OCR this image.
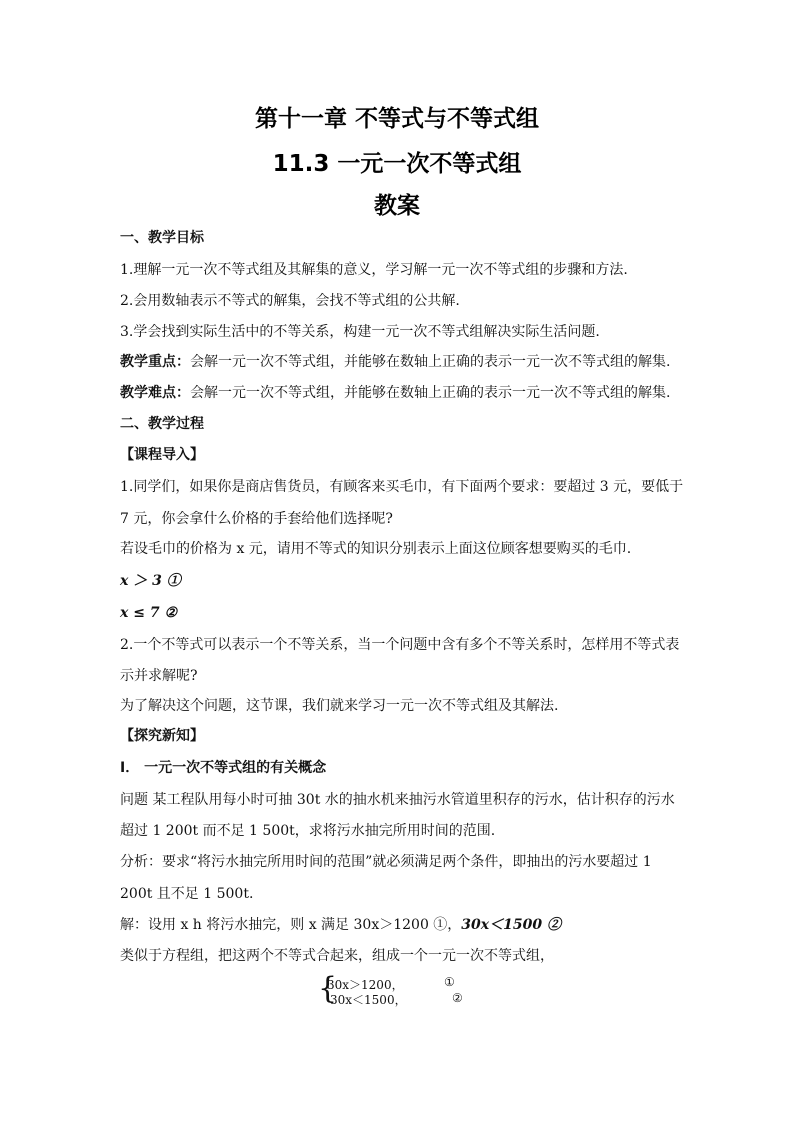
第十一章 不等式与不等式组
11.3 一元一次不等式组
教案
一、教学目标
1.理解一元一次不等式组及其解集的意义，学习解一元一次不等式组的步骤和方法.
2.会用数轴表示不等式的解集，会找不等式组的公共解.
3.学会找到实际生活中的不等关系，构建一元一次不等式组解决实际生活问题.
教学重点：会解一元一次不等式组，并能够在数轴上正确的表示一元一次不等式组的解集.
教学难点：会解一元一次不等式组，并能够在数轴上正确的表示一元一次不等式组的解集.
二、教学过程
【课程导入】
1.同学们，如果你是商店售货员，有顾客来买毛巾，有下面两个要求：要超过 3 元，要低于
7 元，你会拿什么价格的手套给他们选择呢?
若设毛巾的价格为 x 元，请用不等式的知识分别表示上面这位顾客想要购买的毛巾.
x ＞ 3 ①
x ≤ 7 ②
2.一个不等式可以表示一个不等关系，当一个问题中含有多个不等关系时，怎样用不等式表
示并求解呢?
为了解决这个问题，这节课，我们就来学习一元一次不等式组及其解法.
【探究新知】
Ⅰ． 一元一次不等式组的有关概念
问题 某工程队用每小时可抽 30t 水的抽水机来抽污水管道里积存的污水，估计积存的污水
超过 1 200t 而不足 1 500t，求将污水抽完所用时间的范围.
分析：要求“将污水抽完所用时间的范围”就必须满足两个条件，即抽出的污水要超过 1
200t 且不足 1 500t.
解：设用 x h 将污水抽完，则 x 满足 30x＞1200 ①，30x＜1500 ②
类似于方程组，把这两个不等式合起来，组成一个一元一次不等式组，
{
30x＞1200，
30x＜1500，
①
②
